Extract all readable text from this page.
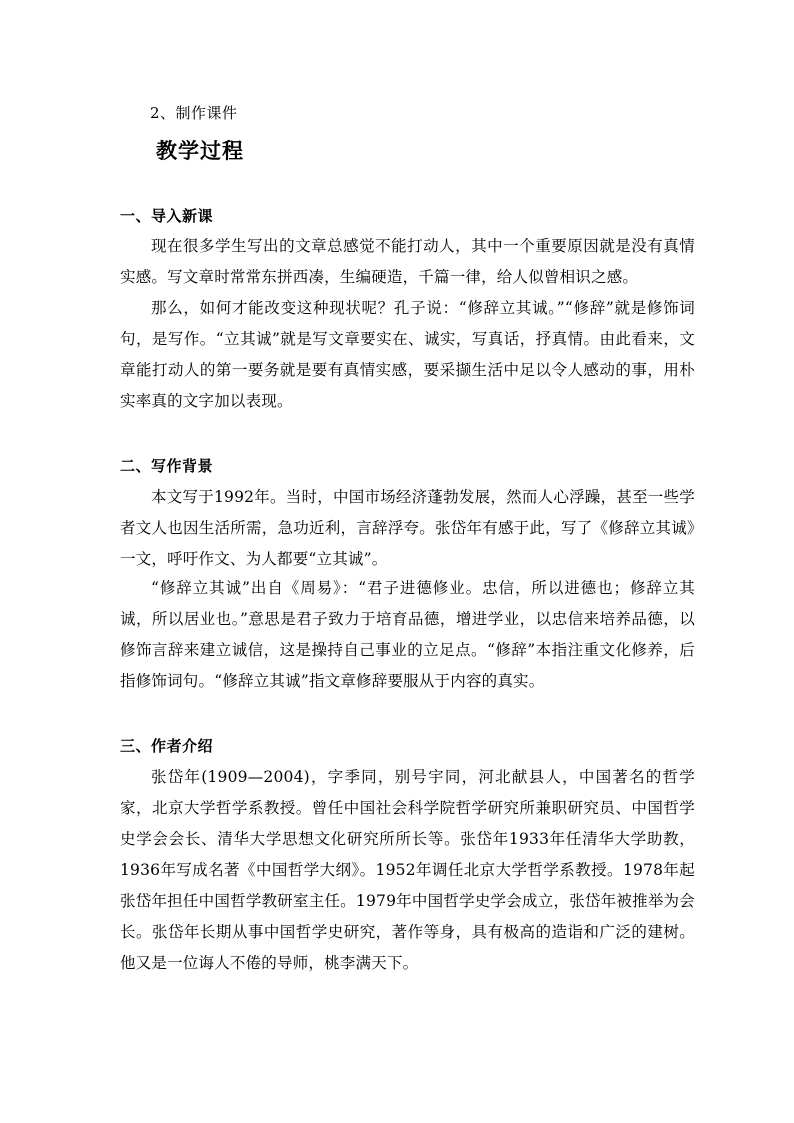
2、制作课件
教学过程
一、导入新课

现在很多学生写出的文章总感觉不能打动人，其中一个重要原因就是没有真情实感。写文章时常常东拼西凑，生编硬造，千篇一律，给人似曾相识之感。

那么，如何才能改变这种现状呢？孔子说：“修辞立其诚。”“修辞”就是修饰词句，是写作。“立其诚”就是写文章要实在、诚实，写真话，抒真情。由此看来，文章能打动人的第一要务就是要有真情实感，要采撷生活中足以令人感动的事，用朴实率真的文字加以表现。

二、写作背景

本文写于1992年。当时，中国市场经济蓬勃发展，然而人心浮躁，甚至一些学者文人也因生活所需，急功近利，言辞浮夸。张岱年有感于此，写了《修辞立其诚》一文，呼吁作文、为人都要“立其诚”。

“修辞立其诚”出自《周易》：“君子进德修业。忠信，所以进德也；修辞立其诚，所以居业也。”意思是君子致力于培育品德，增进学业，以忠信来培养品德，以修饰言辞来建立诚信，这是操持自己事业的立足点。“修辞”本指注重文化修养，后指修饰词句。“修辞立其诚”指文章修辞要服从于内容的真实。

三、作者介绍

张岱年(1909—2004)，字季同，别号宇同，河北献县人，中国著名的哲学家，北京大学哲学系教授。曾任中国社会科学院哲学研究所兼职研究员、中国哲学史学会会长、清华大学思想文化研究所所长等。张岱年1933年任清华大学助教，1936年写成名著《中国哲学大纲》。1952年调任北京大学哲学系教授。1978年起张岱年担任中国哲学教研室主任。1979年中国哲学史学会成立，张岱年被推举为会长。张岱年长期从事中国哲学史研究，著作等身，具有极高的造诣和广泛的建树。他又是一位诲人不倦的导师，桃李满天下。
